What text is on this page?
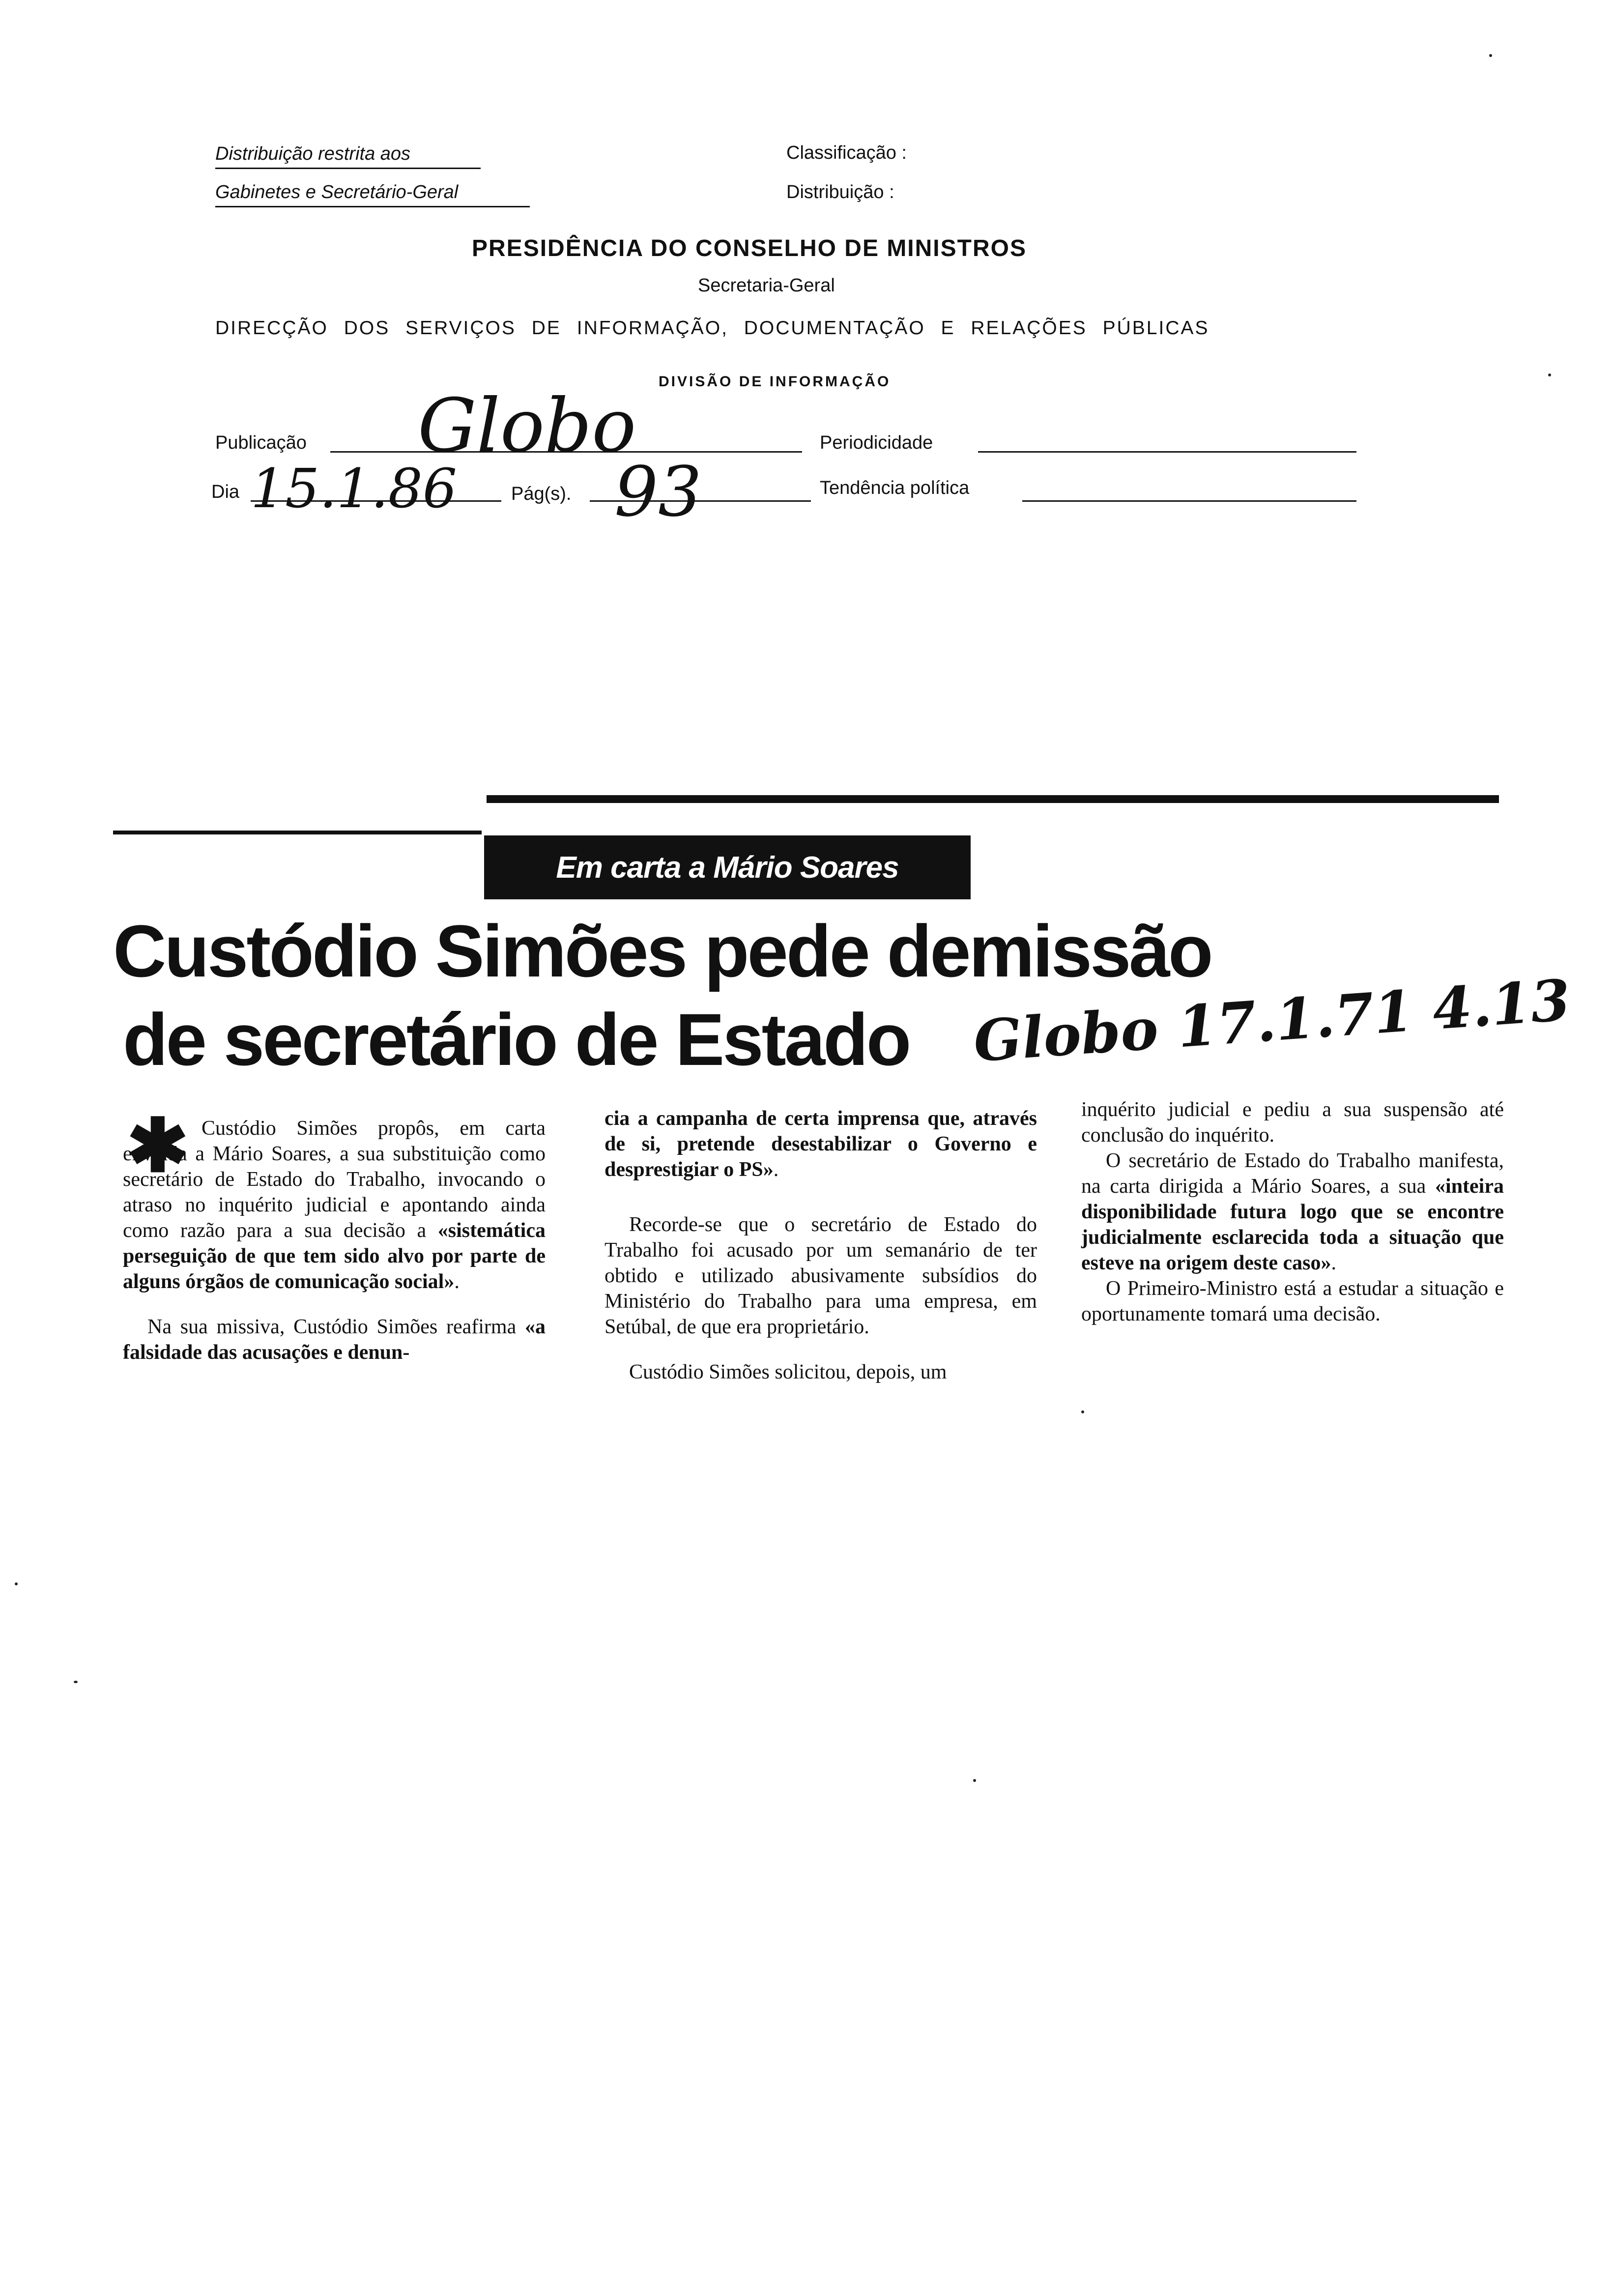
Distribuição restrita aos
Gabinetes e Secretário-Geral
Classificação :
Distribuição :
PRESIDÊNCIA DO CONSELHO DE MINISTROS
Secretaria-Geral
DIRECÇÃO DOS SERVIÇOS DE INFORMAÇÃO, DOCUMENTAÇÃO E RELAÇÕES PÚBLICAS
DIVISÃO DE INFORMAÇÃO
Publicação Globo	Periodicidade
Dia 15.1.86	Pág(s). 93	Tendência política
Em carta a Mário Soares
Custódio Simões pede demissão
de secretário de Estado Globo 17.1.71 4.13
✱ Custódio Simões propôs, em carta enviada a Mário Soares, a sua substituição como secretário de Estado do Trabalho, invocando o atraso no inquérito judicial e apontando ainda como razão para a sua decisão a «sistemática perseguição de que tem sido alvo por parte de alguns órgãos de comunicação social».

Na sua missiva, Custódio Simões reafirma «a falsidade das acusações e denun-

cia a campanha de certa imprensa que, através de si, pretende desestabilizar o Governo e desprestigiar o PS».

Recorde-se que o secretário de Estado do Trabalho foi acusado por um semanário de ter obtido e utilizado abusivamente subsídios do Ministério do Trabalho para uma empresa, em Setúbal, de que era proprietário.

Custódio Simões solicitou, depois, um

inquérito judicial e pediu a sua suspensão até conclusão do inquérito.

O secretário de Estado do Trabalho manifesta, na carta dirigida a Mário Soares, a sua «inteira disponibilidade futura logo que se encontre judicialmente esclarecida toda a situação que esteve na origem deste caso».

O Primeiro-Ministro está a estudar a situação e oportunamente tomará uma decisão.
